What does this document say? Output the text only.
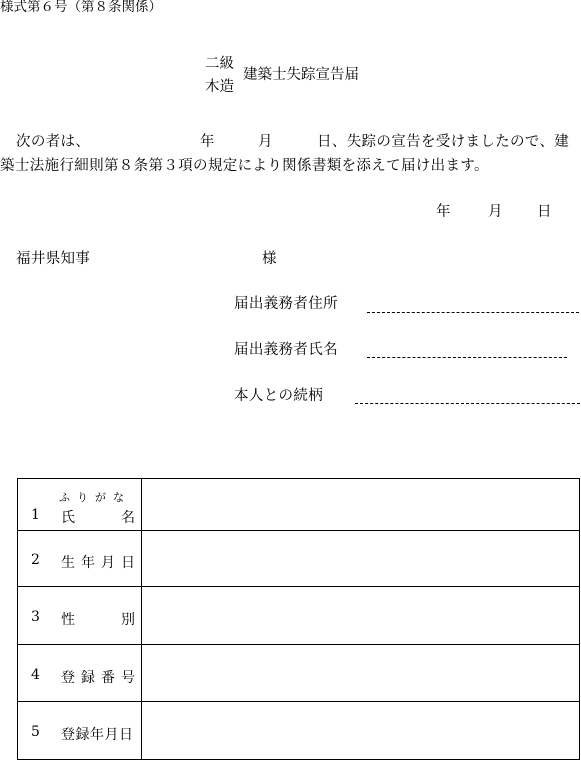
様式第６号（第８条関係）
二級
木造
建築士失踪宣告届
次の者は、	年	月	日、失踪の宣告を受けましたので、建
築士法施行細則第８条第３項の規定により関係書類を添えて届け出ます。
年	月 日
福井県知事	様
届出義務者住所
届出義務者氏名
本人との続柄
ふりがな
1 氏　　名	

2 生年月日	

3 性　　別	

4 登録番号	

5 登録年月日	
